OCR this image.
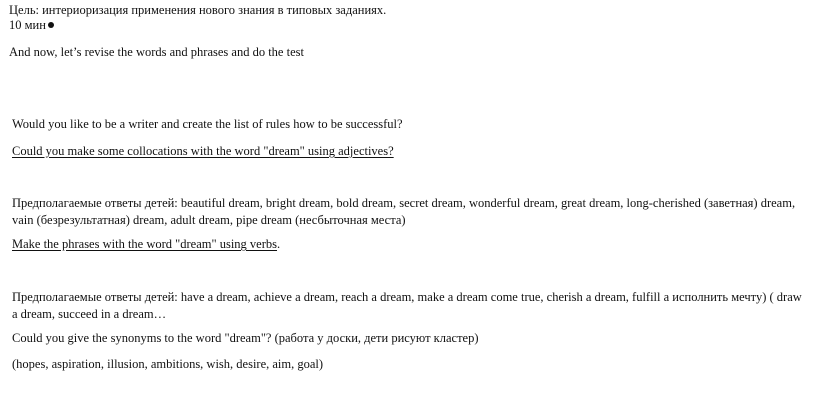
Цель: интериоризация применения нового знания в типовых заданиях.
10 мин
And now, let’s revise the words and phrases and do the test
Would you like to be a writer and create the list of rules how to be successful?
Could you make some collocations with the word "dream" using adjectives?
Предполагаемые ответы детей: beautiful dream, bright dream, bold dream, secret dream, wonderful dream, great dream, long-cherished (заветная) dream, vain (безрезультатная) dream, adult dream, pipe dream (несбыточная места)
Make the phrases with the word "dream" using verbs.
Предполагаемые ответы детей: have a dream, achieve a dream, reach a dream, make a dream come true, cherish a dream, fulfill a исполнить мечту) ( draw a dream, succeed in a dream…
Could you give the synonyms to the word "dream"? (работа у доски, дети рисуют кластер)
(hopes, aspiration, illusion, ambitions, wish, desire, aim, goal)
